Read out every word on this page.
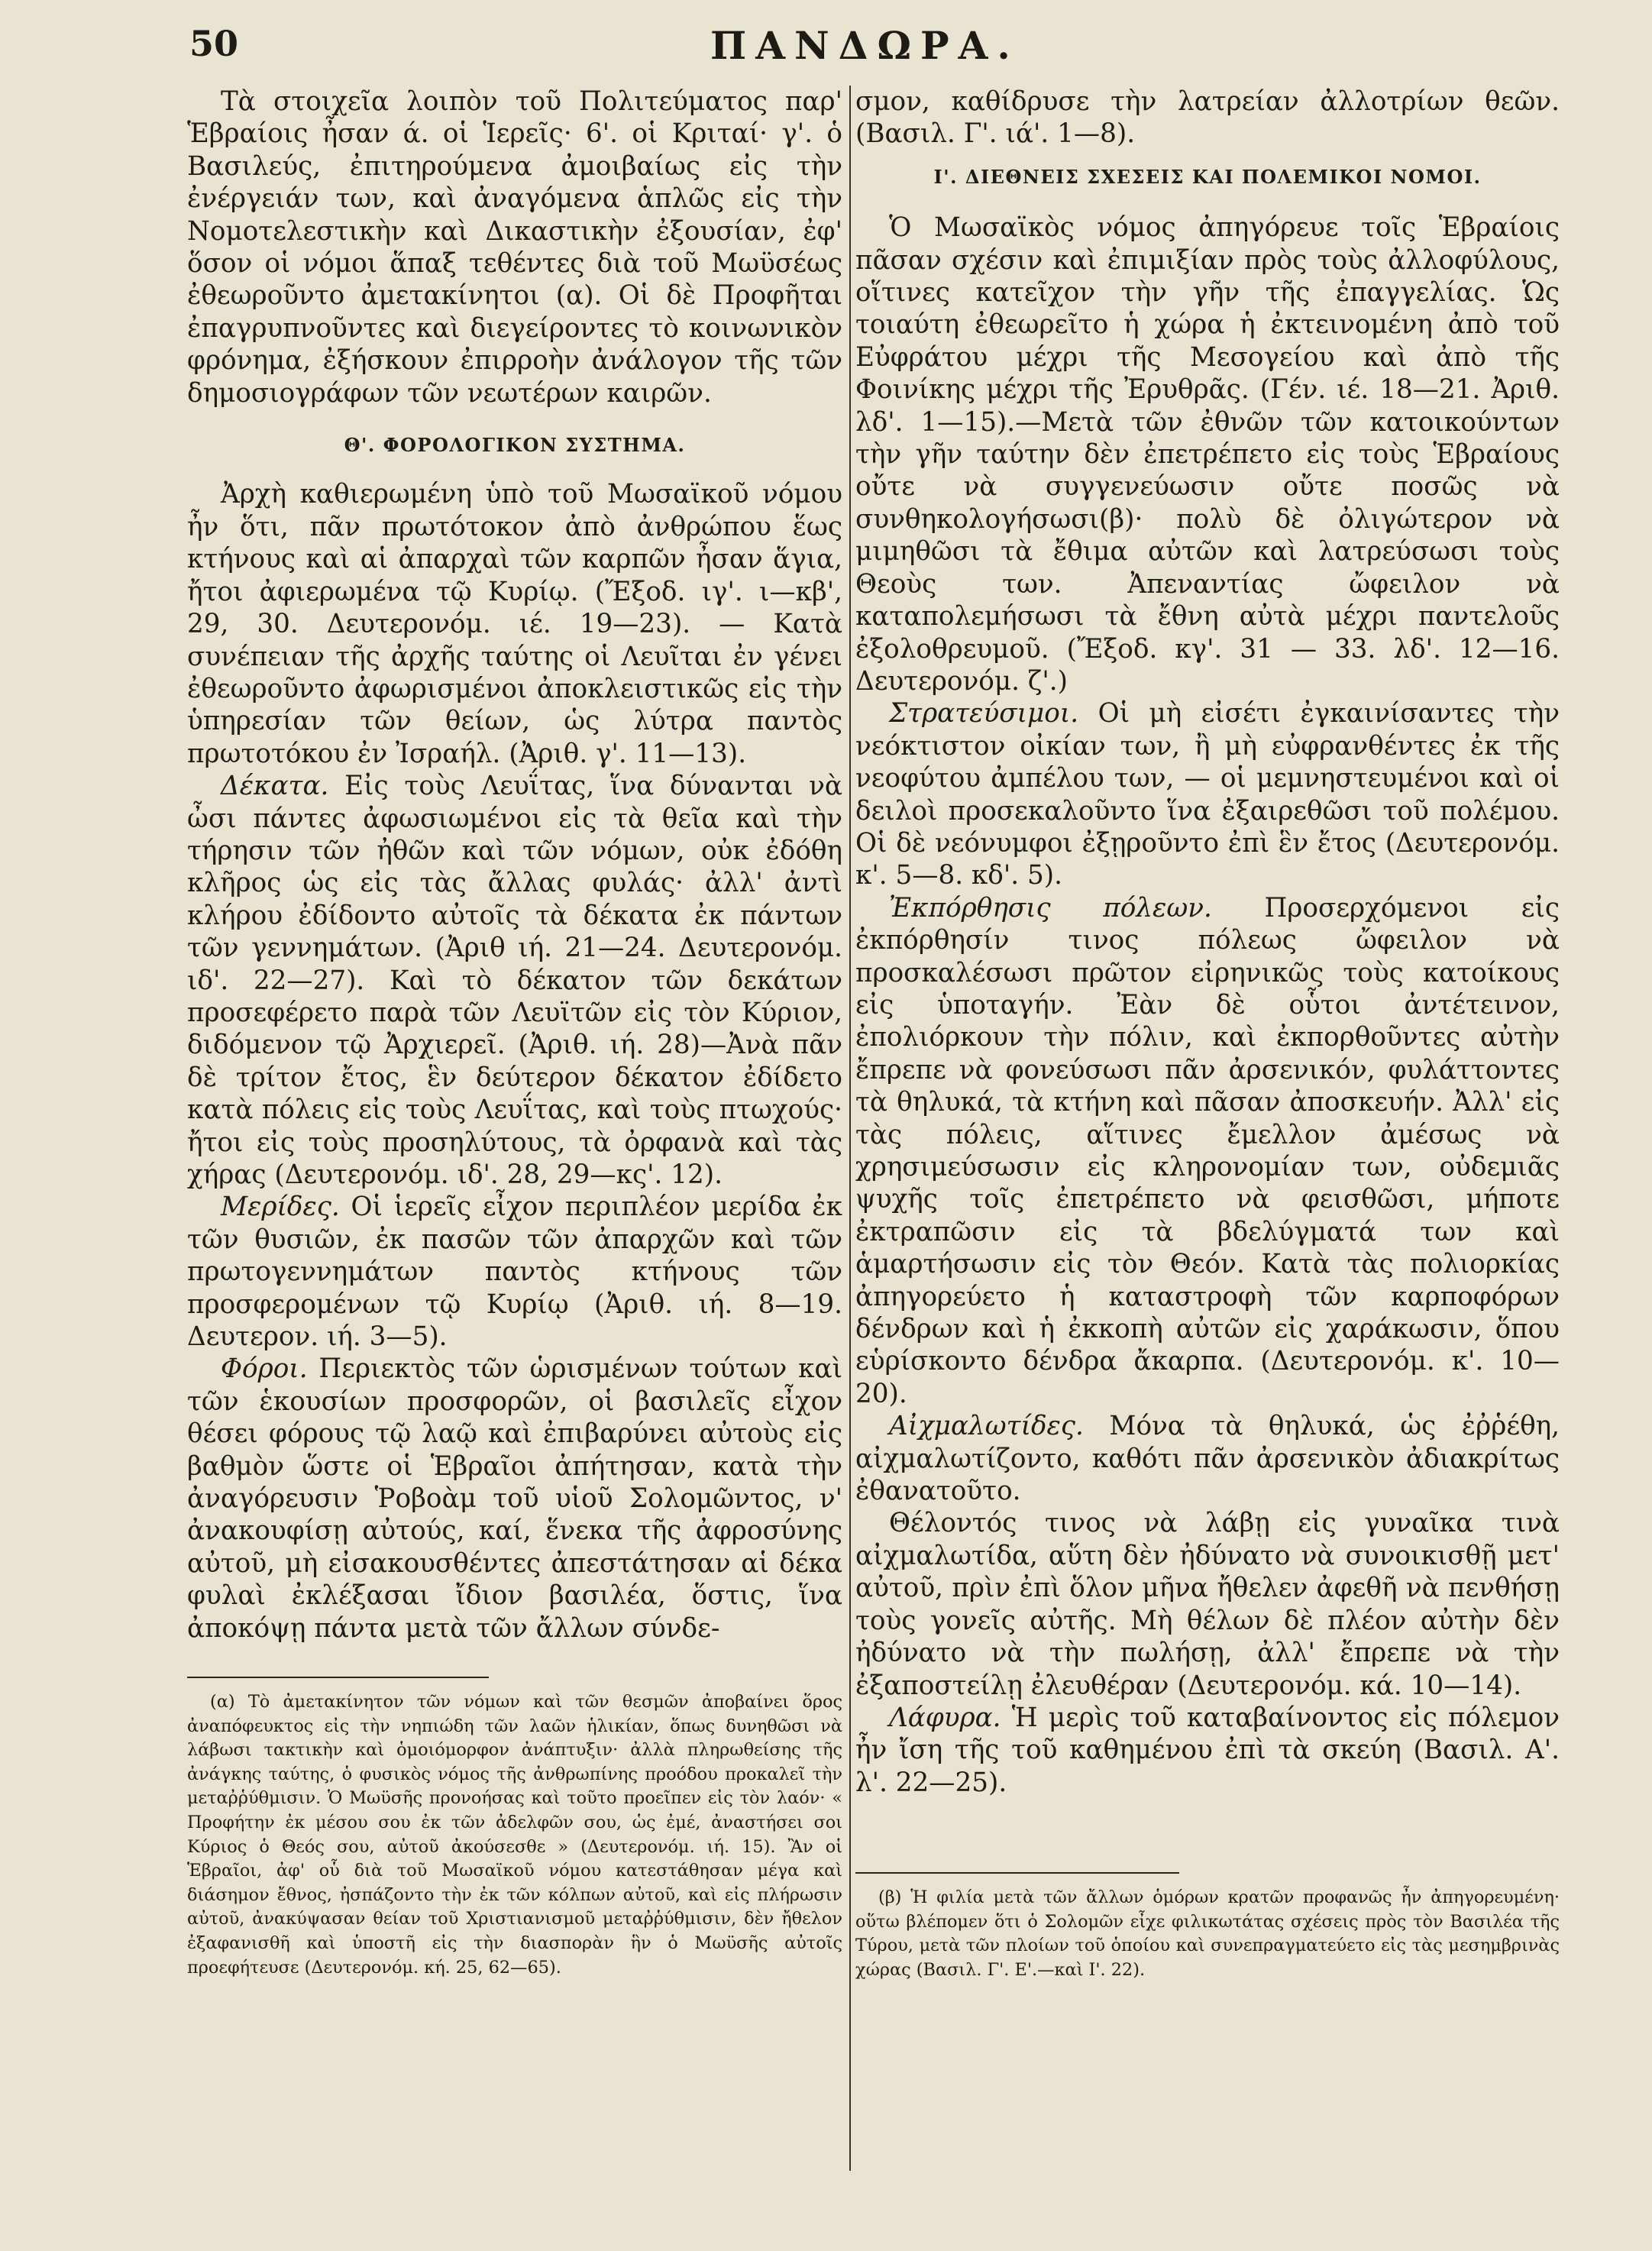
50	ΠΑΝΔΩΡΑ.

Τὰ στοιχεῖα λοιπὸν τοῦ Πολιτεύματος παρ' Ἑβραίοις ἦσαν ά. οἱ Ἱερεῖς· 6'. οἱ Κριταί· γ'. ὁ Βασιλεύς, ἐπιτηρούμενα ἀμοιβαίως εἰς τὴν ἐνέργειάν των, καὶ ἀναγόμενα ἁπλῶς εἰς τὴν Νομοτελεστικὴν καὶ Δικαστικὴν ἐξουσίαν, ἐφ' ὅσον οἱ νόμοι ἅπαξ τεθέντες διὰ τοῦ Μωϋσέως ἐθεωροῦντο ἀμετακίνητοι (α). Οἱ δὲ Προφῆται ἐπαγρυπνοῦντες καὶ διεγείροντες τὸ κοινωνικὸν φρόνημα, ἐξήσκουν ἐπιρροὴν ἀνάλογον τῆς τῶν δημοσιογράφων τῶν νεωτέρων καιρῶν.

Θ'. ΦΟΡΟΛΟΓΙΚΟΝ ΣΥΣΤΗΜΑ.

Ἀρχὴ καθιερωμένη ὑπὸ τοῦ Μωσαϊκοῦ νόμου ἦν ὅτι, πᾶν πρωτότοκον ἀπὸ ἀνθρώπου ἕως κτήνους καὶ αἱ ἀπαρχαὶ τῶν καρπῶν ἦσαν ἅγια, ἤτοι ἀφιερωμένα τῷ Κυρίῳ. (Ἔξοδ. ιγ'. ι—κβ', 29, 30. Δευτερονόμ. ιέ. 19—23). — Κατὰ συνέπειαν τῆς ἀρχῆς ταύτης οἱ Λευῖται ἐν γένει ἐθεωροῦντο ἀφωρισμένοι ἀποκλειστικῶς εἰς τὴν ὑπηρεσίαν τῶν θείων, ὡς λύτρα παντὸς πρωτοτόκου ἐν Ἰσραήλ. (Ἀριθ. γ'. 11—13).

Δέκατα. Εἰς τοὺς Λευΐτας, ἵνα δύνανται νὰ ὦσι πάντες ἀφωσιωμένοι εἰς τὰ θεῖα καὶ τὴν τήρησιν τῶν ἠθῶν καὶ τῶν νόμων, οὐκ ἐδόθη κλῆρος ὡς εἰς τὰς ἄλλας φυλάς· ἀλλ' ἀντὶ κλήρου ἐδίδοντο αὐτοῖς τὰ δέκατα ἐκ πάντων τῶν γεννημάτων. (Ἀριθ ιή. 21—24. Δευτερονόμ. ιδ'. 22—27). Καὶ τὸ δέκατον τῶν δεκάτων προσεφέρετο παρὰ τῶν Λευϊτῶν εἰς τὸν Κύριον, διδόμενον τῷ Ἀρχιερεῖ. (Ἀριθ. ιή. 28)—Ἀνὰ πᾶν δὲ τρίτον ἔτος, ἓν δεύτερον δέκατον ἐδίδετο κατὰ πόλεις εἰς τοὺς Λευΐτας, καὶ τοὺς πτωχούς· ἤτοι εἰς τοὺς προσηλύτους, τὰ ὀρφανὰ καὶ τὰς χήρας (Δευτερονόμ. ιδ'. 28, 29—κς'. 12).

Μερίδες. Οἱ ἱερεῖς εἶχον περιπλέον μερίδα ἐκ τῶν θυσιῶν, ἐκ πασῶν τῶν ἀπαρχῶν καὶ τῶν πρωτογεννημάτων παντὸς κτήνους τῶν προσφερομένων τῷ Κυρίῳ (Ἀριθ. ιή. 8—19. Δευτερον. ιή. 3—5).

Φόροι. Περιεκτὸς τῶν ὡρισμένων τούτων καὶ τῶν ἑκουσίων προσφορῶν, οἱ βασιλεῖς εἶχον θέσει φόρους τῷ λαῷ καὶ ἐπιβαρύνει αὐτοὺς εἰς βαθμὸν ὥστε οἱ Ἑβραῖοι ἀπήτησαν, κατὰ τὴν ἀναγόρευσιν Ῥοβοὰμ τοῦ υἱοῦ Σολομῶντος, ν' ἀνακουφίσῃ αὐτούς, καί, ἕνεκα τῆς ἀφροσύνης αὐτοῦ, μὴ εἰσακουσθέντες ἀπεστάτησαν αἱ δέκα φυλαὶ ἐκλέξασαι ἴδιον βασιλέα, ὅστις, ἵνα ἀποκόψῃ πάντα μετὰ τῶν ἄλλων σύνδε-

(α) Τὸ ἀμετακίνητον τῶν νόμων καὶ τῶν θεσμῶν ἀποβαίνει ὅρος ἀναπόφευκτος εἰς τὴν νηπιώδη τῶν λαῶν ἡλικίαν, ὅπως δυνηθῶσι νὰ λάβωσι τακτικὴν καὶ ὁμοιόμορφον ἀνάπτυξιν· ἀλλὰ πληρωθείσης τῆς ἀνάγκης ταύτης, ὁ φυσικὸς νόμος τῆς ἀνθρωπίνης προόδου προκαλεῖ τὴν μεταῤῥύθμισιν. Ὁ Μωϋσῆς προνοήσας καὶ τοῦτο προεῖπεν εἰς τὸν λαόν· « Προφήτην ἐκ μέσου σου ἐκ τῶν ἀδελφῶν σου, ὡς ἐμέ, ἀναστήσει σοι Κύριος ὁ Θεός σου, αὐτοῦ ἀκούσεσθε » (Δευτερονόμ. ιή. 15). Ἂν οἱ Ἑβραῖοι, ἀφ' οὗ διὰ τοῦ Μωσαϊκοῦ νόμου κατεστάθησαν μέγα καὶ διάσημον ἔθνος, ἠσπάζοντο τὴν ἐκ τῶν κόλπων αὐτοῦ, καὶ εἰς πλήρωσιν αὐτοῦ, ἀνακύψασαν θείαν τοῦ Χριστιανισμοῦ μεταῤῥύθμισιν, δὲν ἤθελον ἐξαφανισθῆ καὶ ὑποστῆ εἰς τὴν διασπορὰν ἣν ὁ Μωϋσῆς αὐτοῖς προεφήτευσε (Δευτερονόμ. κή. 25, 62—65).

σμον, καθίδρυσε τὴν λατρείαν ἀλλοτρίων θεῶν. (Βασιλ. Γ'. ιά'. 1—8).

Ι'. ΔΙΕΘΝΕΙΣ ΣΧΕΣΕΙΣ ΚΑΙ ΠΟΛΕΜΙΚΟΙ ΝΟΜΟΙ.

Ὁ Μωσαϊκὸς νόμος ἀπηγόρευε τοῖς Ἑβραίοις πᾶσαν σχέσιν καὶ ἐπιμιξίαν πρὸς τοὺς ἀλλοφύλους, οἵτινες κατεῖχον τὴν γῆν τῆς ἐπαγγελίας. Ὡς τοιαύτη ἐθεωρεῖτο ἡ χώρα ἡ ἐκτεινομένη ἀπὸ τοῦ Εὐφράτου μέχρι τῆς Μεσογείου καὶ ἀπὸ τῆς Φοινίκης μέχρι τῆς Ἐρυθρᾶς. (Γέν. ιέ. 18—21. Ἀριθ. λδ'. 1—15).—Μετὰ τῶν ἐθνῶν τῶν κατοικούντων τὴν γῆν ταύτην δὲν ἐπετρέπετο εἰς τοὺς Ἑβραίους οὔτε νὰ συγγενεύωσιν οὔτε ποσῶς νὰ συνθηκολογήσωσι(β)· πολὺ δὲ ὀλιγώτερον νὰ μιμηθῶσι τὰ ἔθιμα αὐτῶν καὶ λατρεύσωσι τοὺς Θεοὺς των. Ἀπεναντίας ὤφειλον νὰ καταπολεμήσωσι τὰ ἔθνη αὐτὰ μέχρι παντελοῦς ἐξολοθρευμοῦ. (Ἔξοδ. κγ'. 31 — 33. λδ'. 12—16. Δευτερονόμ. ζ'.)

Στρατεύσιμοι. Οἱ μὴ εἰσέτι ἐγκαινίσαντες τὴν νεόκτιστον οἰκίαν των, ἢ μὴ εὐφρανθέντες ἐκ τῆς νεοφύτου ἀμπέλου των, — οἱ μεμνηστευμένοι καὶ οἱ δειλοὶ προσεκαλοῦντο ἵνα ἐξαιρεθῶσι τοῦ πολέμου. Οἱ δὲ νεόνυμφοι ἐξῃροῦντο ἐπὶ ἓν ἔτος (Δευτερονόμ. κ'. 5—8. κδ'. 5).

Ἐκπόρθησις πόλεων. Προσερχόμενοι εἰς ἐκπόρθησίν τινος πόλεως ὤφειλον νὰ προσκαλέσωσι πρῶτον εἰρηνικῶς τοὺς κατοίκους εἰς ὑποταγήν. Ἐὰν δὲ οὗτοι ἀντέτεινον, ἐπολιόρκουν τὴν πόλιν, καὶ ἐκπορθοῦντες αὐτὴν ἔπρεπε νὰ φονεύσωσι πᾶν ἀρσενικόν, φυλάττοντες τὰ θηλυκά, τὰ κτήνη καὶ πᾶσαν ἀποσκευήν. Ἀλλ' εἰς τὰς πόλεις, αἵτινες ἔμελλον ἀμέσως νὰ χρησιμεύσωσιν εἰς κληρονομίαν των, οὐδεμιᾶς ψυχῆς τοῖς ἐπετρέπετο νὰ φεισθῶσι, μήποτε ἐκτραπῶσιν εἰς τὰ βδελύγματά των καὶ ἁμαρτήσωσιν εἰς τὸν Θεόν. Κατὰ τὰς πολιορκίας ἀπηγορεύετο ἡ καταστροφὴ τῶν καρποφόρων δένδρων καὶ ἡ ἐκκοπὴ αὐτῶν εἰς χαράκωσιν, ὅπου εὑρίσκοντο δένδρα ἄκαρπα. (Δευτερονόμ. κ'. 10—20).

Αἰχμαλωτίδες. Μόνα τὰ θηλυκά, ὡς ἐῤῥέθη, αἰχμαλωτίζοντο, καθότι πᾶν ἀρσενικὸν ἀδιακρίτως ἐθανατοῦτο.

Θέλοντός τινος νὰ λάβῃ εἰς γυναῖκα τινὰ αἰχμαλωτίδα, αὕτη δὲν ἠδύνατο νὰ συνοικισθῇ μετ' αὐτοῦ, πρὶν ἐπὶ ὅλον μῆνα ἤθελεν ἀφεθῆ νὰ πενθήσῃ τοὺς γονεῖς αὐτῆς. Μὴ θέλων δὲ πλέον αὐτὴν δὲν ἠδύνατο νὰ τὴν πωλήσῃ, ἀλλ' ἔπρεπε νὰ τὴν ἐξαποστείλῃ ἐλευθέραν (Δευτερονόμ. κά. 10—14).

Λάφυρα. Ἡ μερὶς τοῦ καταβαίνοντος εἰς πόλεμον ἦν ἴση τῆς τοῦ καθημένου ἐπὶ τὰ σκεύη (Βασιλ. Α'. λ'. 22—25).

(β) Ἡ φιλία μετὰ τῶν ἄλλων ὁμόρων κρατῶν προφανῶς ἦν ἀπηγορευμένη· οὕτω βλέπομεν ὅτι ὁ Σολομῶν εἶχε φιλικωτάτας σχέσεις πρὸς τὸν Βασιλέα τῆς Τύρου, μετὰ τῶν πλοίων τοῦ ὁποίου καὶ συνεπραγματεύετο εἰς τὰς μεσημβρινὰς χώρας (Βασιλ. Γ'. Ε'.—καὶ Ι'. 22).
